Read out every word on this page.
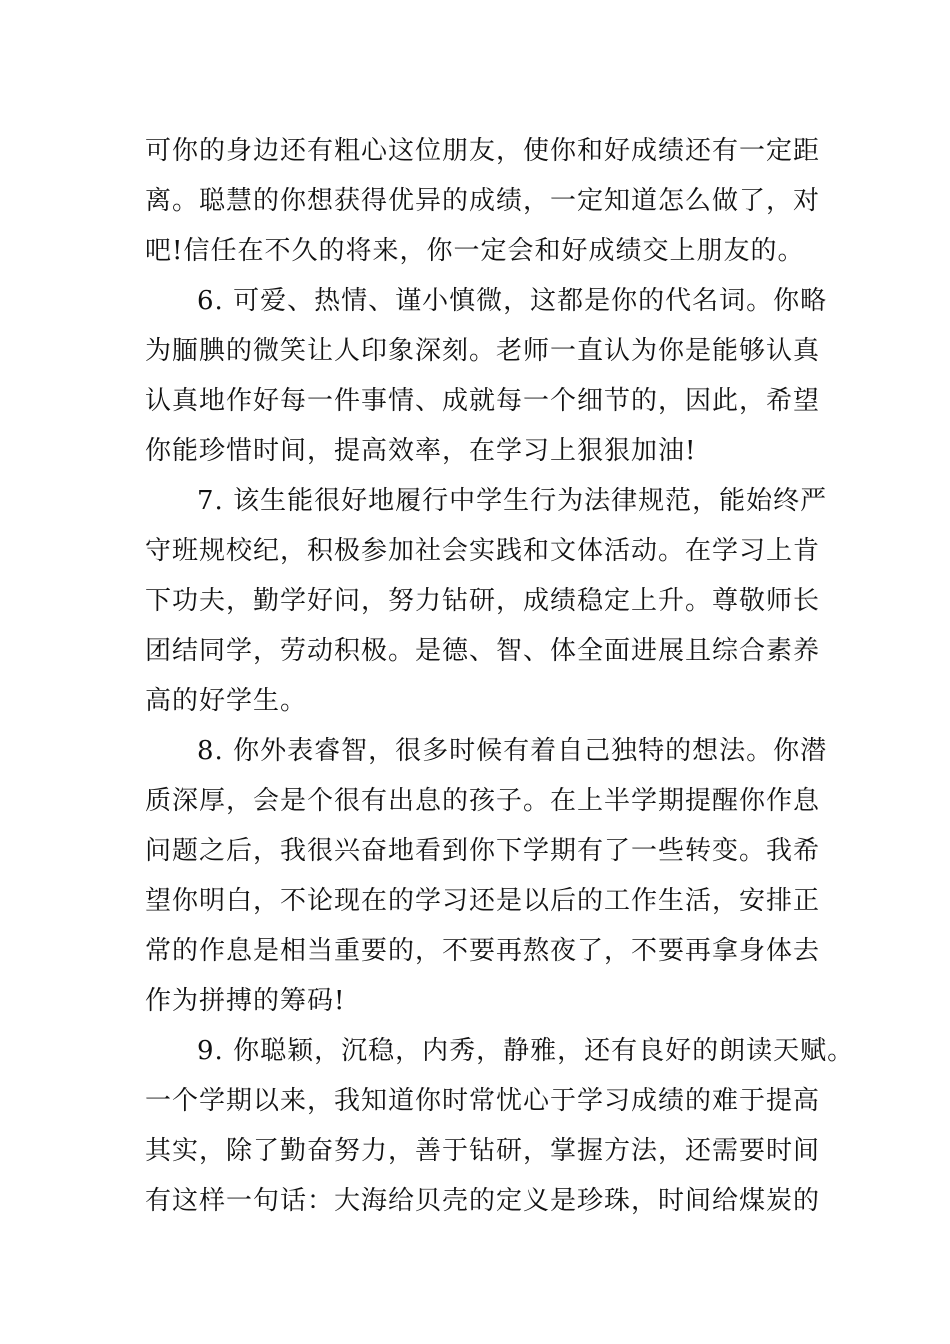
可你的身边还有粗心这位朋友，使你和好成绩还有一定距
离。聪慧的你想获得优异的成绩，一定知道怎么做了，对
吧!信任在不久的将来，你一定会和好成绩交上朋友的。
6. 可爱、热情、谨小慎微，这都是你的代名词。你略
为腼腆的微笑让人印象深刻。老师一直认为你是能够认真
认真地作好每一件事情、成就每一个细节的，因此，希望
你能珍惜时间，提高效率，在学习上狠狠加油!
7. 该生能很好地履行中学生行为法律规范，能始终严
守班规校纪，积极参加社会实践和文体活动。在学习上肯
下功夫，勤学好问，努力钻研，成绩稳定上升。尊敬师长
团结同学，劳动积极。是德、智、体全面进展且综合素养
高的好学生。
8. 你外表睿智，很多时候有着自己独特的想法。你潜
质深厚，会是个很有出息的孩子。在上半学期提醒你作息
问题之后，我很兴奋地看到你下学期有了一些转变。我希
望你明白，不论现在的学习还是以后的工作生活，安排正
常的作息是相当重要的，不要再熬夜了，不要再拿身体去
作为拼搏的筹码!
9. 你聪颖，沉稳，内秀，静雅，还有良好的朗读天赋。
一个学期以来，我知道你时常忧心于学习成绩的难于提高
其实，除了勤奋努力，善于钻研，掌握方法，还需要时间
有这样一句话：大海给贝壳的定义是珍珠，时间给煤炭的
